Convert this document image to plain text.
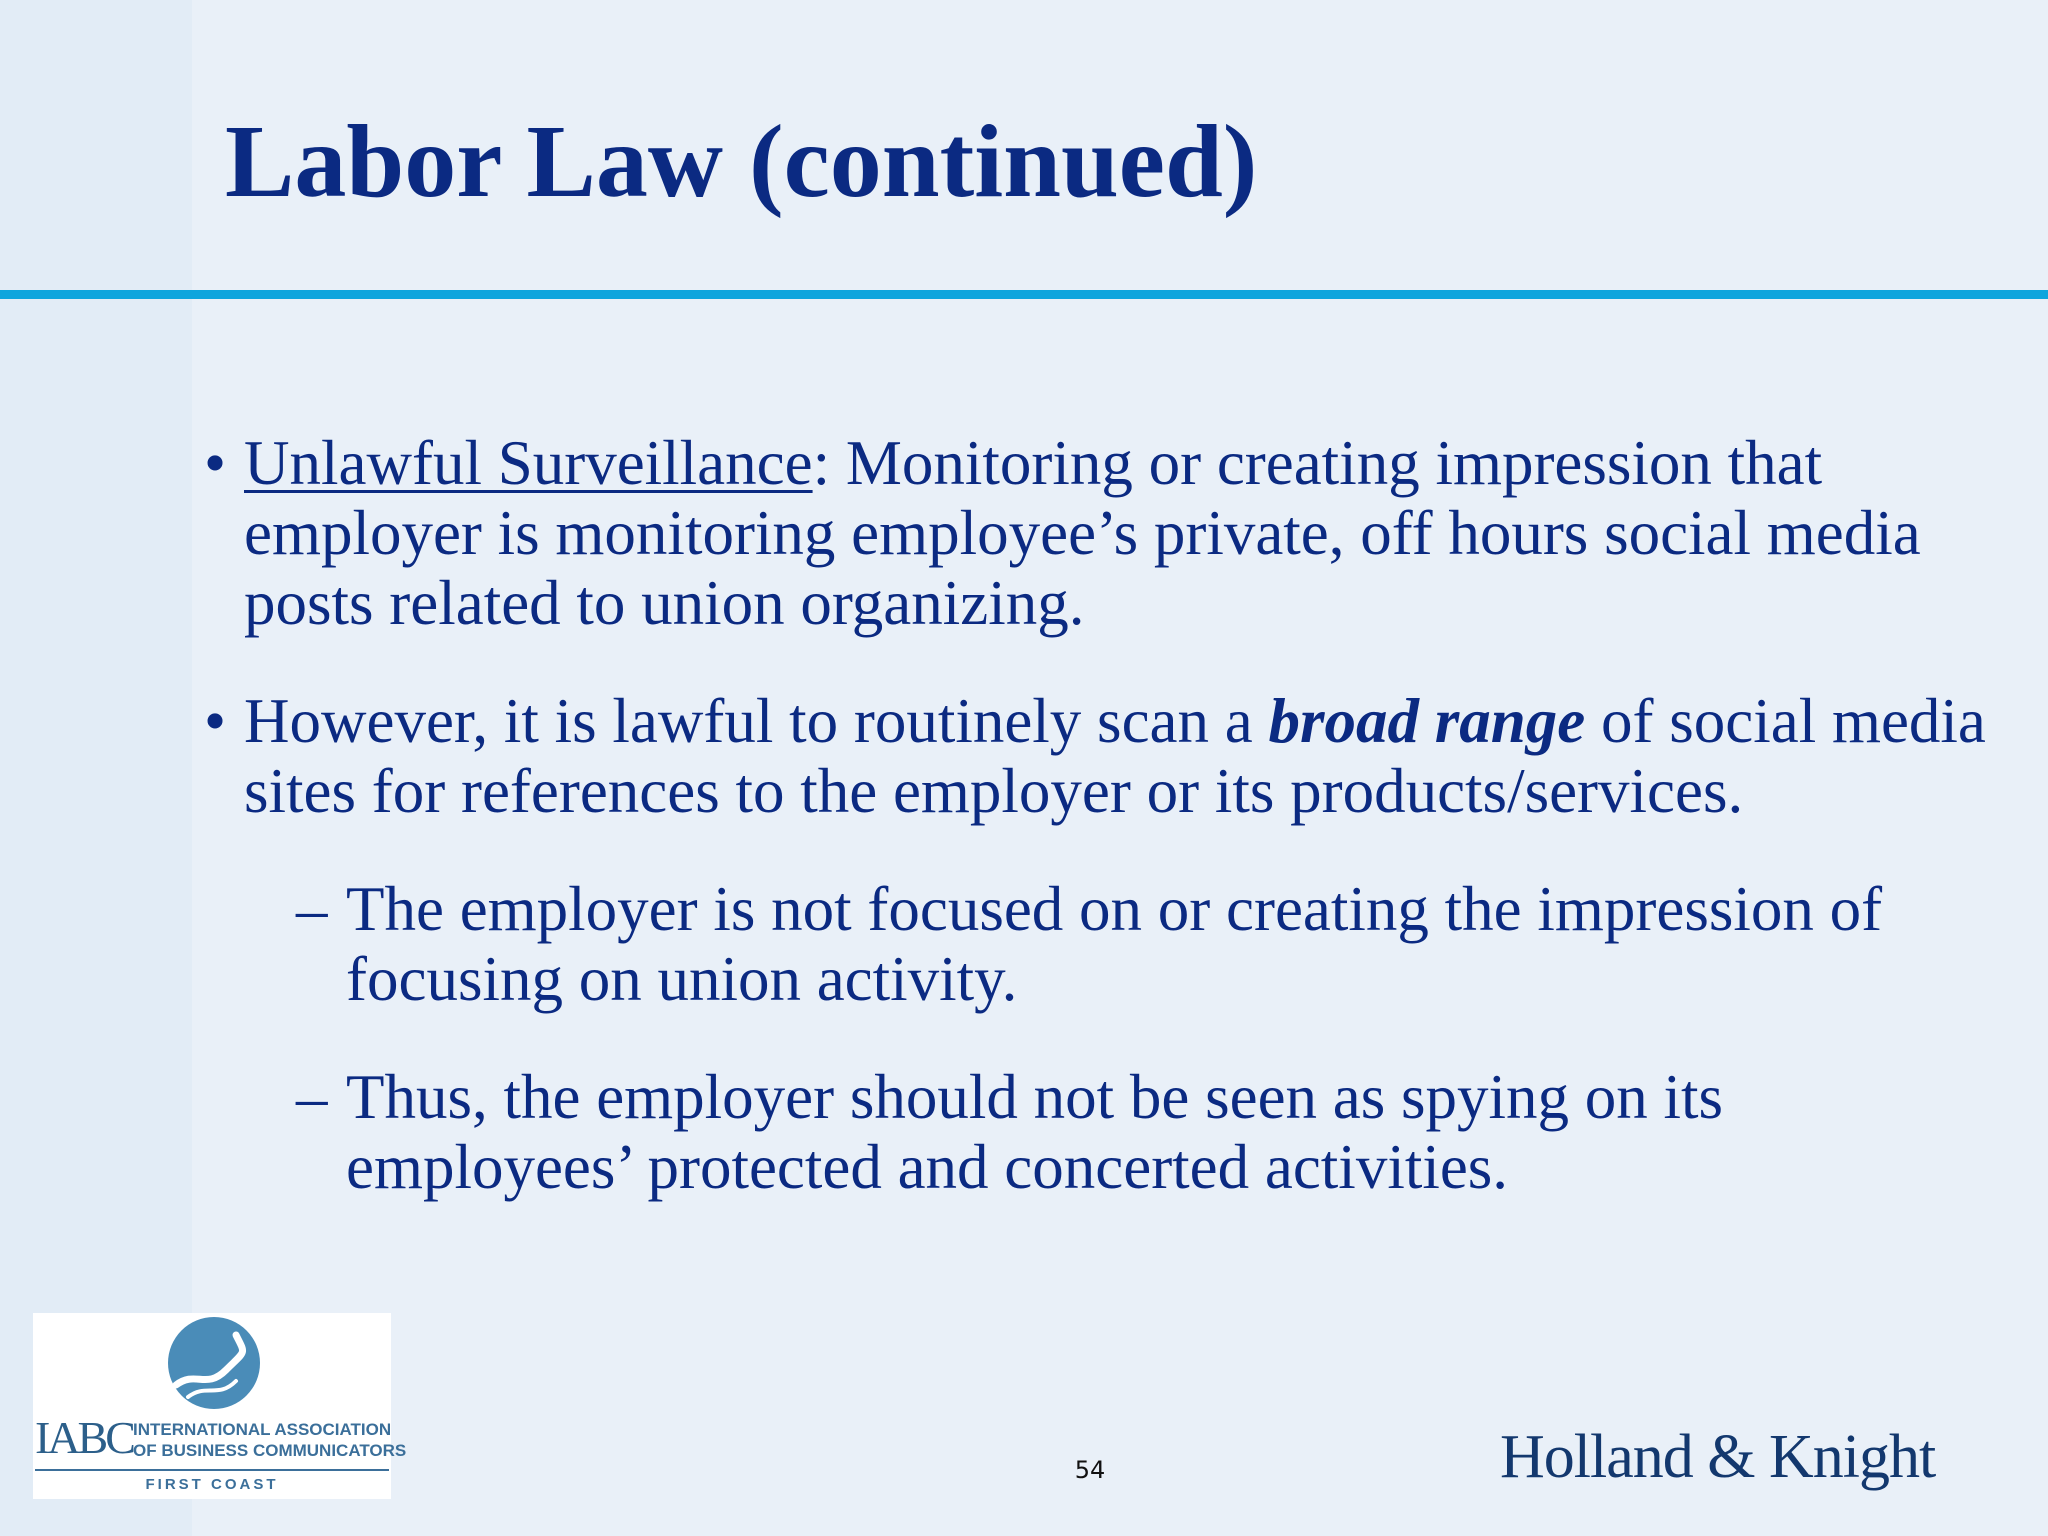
Labor Law (continued)
• Unlawful Surveillance: Monitoring or creating impression that employer is monitoring employee’s private, off hours social media posts related to union organizing.
• However, it is lawful to routinely scan a broad range of social media sites for references to the employer or its products/services.
– The employer is not focused on or creating the impression of focusing on union activity.
– Thus, the employer should not be seen as spying on its employees’ protected and concerted activities.
IABC INTERNATIONAL ASSOCIATION
OF BUSINESS COMMUNICATORS
FIRST COAST
54	Holland & Knight
